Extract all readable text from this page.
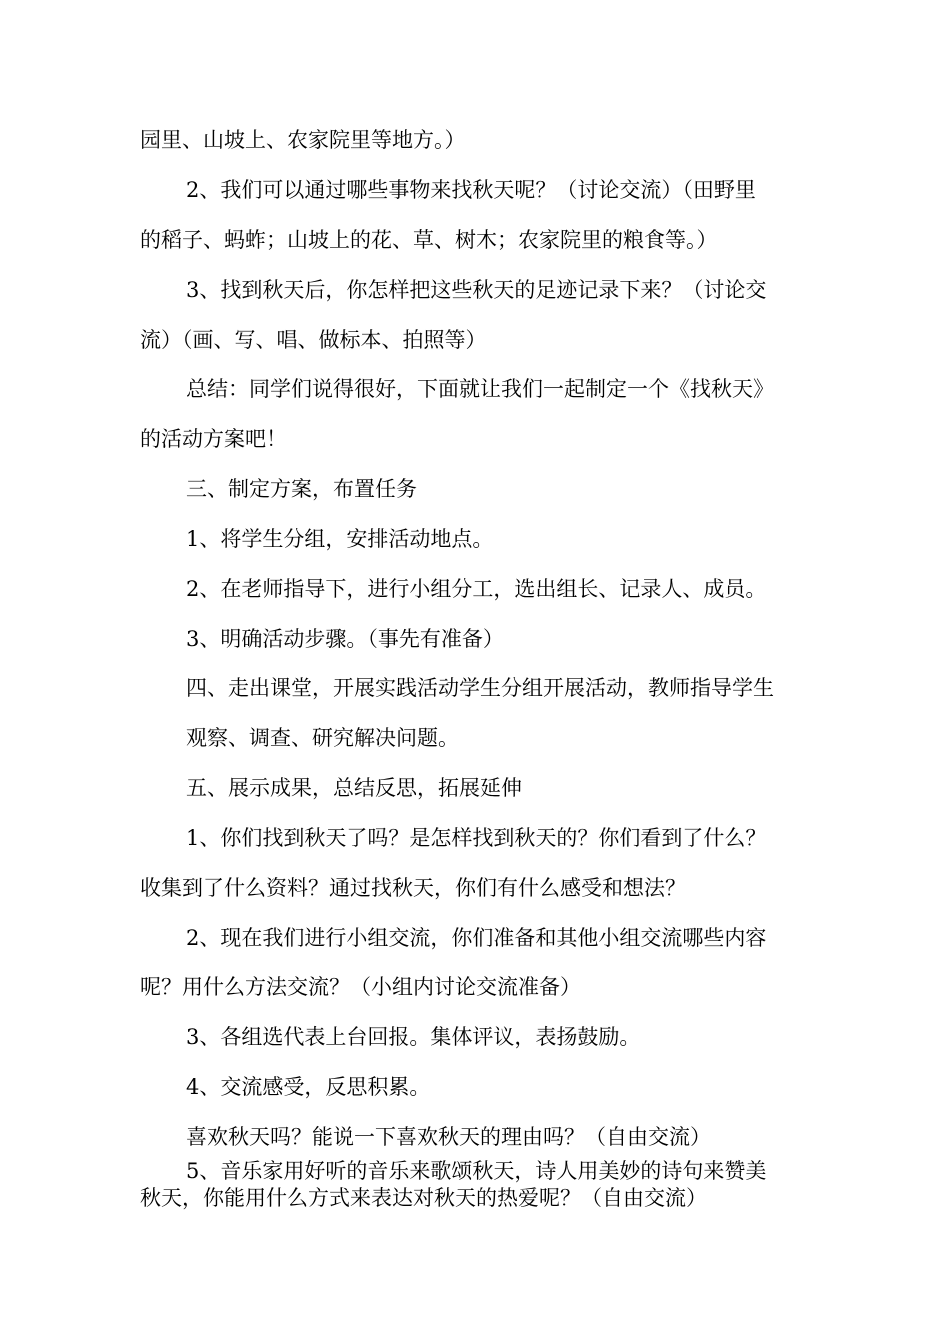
园里、山坡上、农家院里等地方。）
2、我们可以通过哪些事物来找秋天呢？（讨论交流）（田野里
的稻子、蚂蚱；山坡上的花、草、树木；农家院里的粮食等。）
3、找到秋天后，你怎样把这些秋天的足迹记录下来？（讨论交
流）（画、写、唱、做标本、拍照等）
总结：同学们说得很好，下面就让我们一起制定一个《找秋天》
的活动方案吧！
三、制定方案，布置任务
1、将学生分组，安排活动地点。
2、在老师指导下，进行小组分工，选出组长、记录人、成员。
3、明确活动步骤。（事先有准备）
四、走出课堂，开展实践活动学生分组开展活动，教师指导学生
观察、调查、研究解决问题。
五、展示成果，总结反思，拓展延伸
1、你们找到秋天了吗？是怎样找到秋天的？你们看到了什么？
收集到了什么资料？通过找秋天，你们有什么感受和想法？
2、现在我们进行小组交流，你们准备和其他小组交流哪些内容
呢？用什么方法交流？（小组内讨论交流准备）
3、各组选代表上台回报。集体评议，表扬鼓励。
4、交流感受，反思积累。
喜欢秋天吗？能说一下喜欢秋天的理由吗？（自由交流）
5、音乐家用好听的音乐来歌颂秋天，诗人用美妙的诗句来赞美
秋天，你能用什么方式来表达对秋天的热爱呢？（自由交流）
